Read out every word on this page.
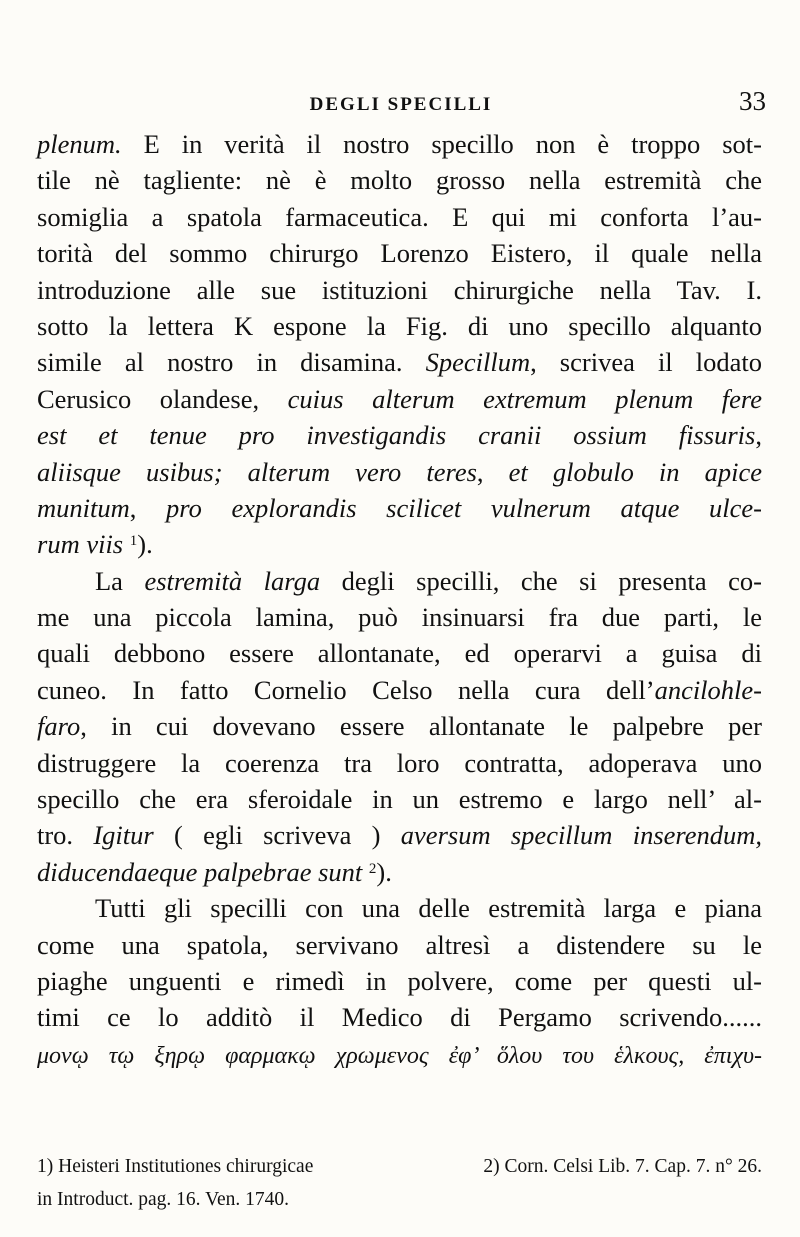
DEGLI SPECILLI	33
plenum. E in verità il nostro specillo non è troppo sot-
tile nè tagliente: nè è molto grosso nella estremità che
somiglia a spatola farmaceutica. E qui mi conforta l’au-
torità del sommo chirurgo Lorenzo Eistero, il quale nella
introduzione alle sue istituzioni chirurgiche nella Tav. I.
sotto la lettera K espone la Fig. di uno specillo alquanto
simile al nostro in disamina. Specillum, scrivea il lodato
Cerusico olandese, cuius alterum extremum plenum fere
est et tenue pro investigandis cranii ossium fissuris,
aliisque usibus; alterum vero teres, et globulo in apice
munitum, pro explorandis scilicet vulnerum atque ulce-
rum viis $^1$).
La estremità larga degli specilli, che si presenta co-
me una piccola lamina, può insinuarsi fra due parti, le
quali debbono essere allontanate, ed operarvi a guisa di
cuneo. In fatto Cornelio Celso nella cura dell’ancilohle-
faro, in cui dovevano essere allontanate le palpebre per
distruggere la coerenza tra loro contratta, adoperava uno
specillo che era sferoidale in un estremo e largo nell’ al-
tro. Igitur ( egli scriveva ) aversum specillum inserendum,
diducendaeque palpebrae sunt $^2$).
Tutti gli specilli con una delle estremità larga e piana
come una spatola, servivano altresì a distendere su le
piaghe unguenti e rimedì in polvere, come per questi ul-
timi ce lo additò il Medico di Pergamo scrivendo......
μονῳ τῳ ξηρῳ φαρμακῳ χρωμενος ἐφ’ ὅλου του ἑλκους, ἐπιχυ-
1) Heisteri Institutiones chirurgicae
in Introduct. pag. 16. Ven. 1740.
2) Corn. Celsi Lib. 7. Cap. 7. n° 26.
